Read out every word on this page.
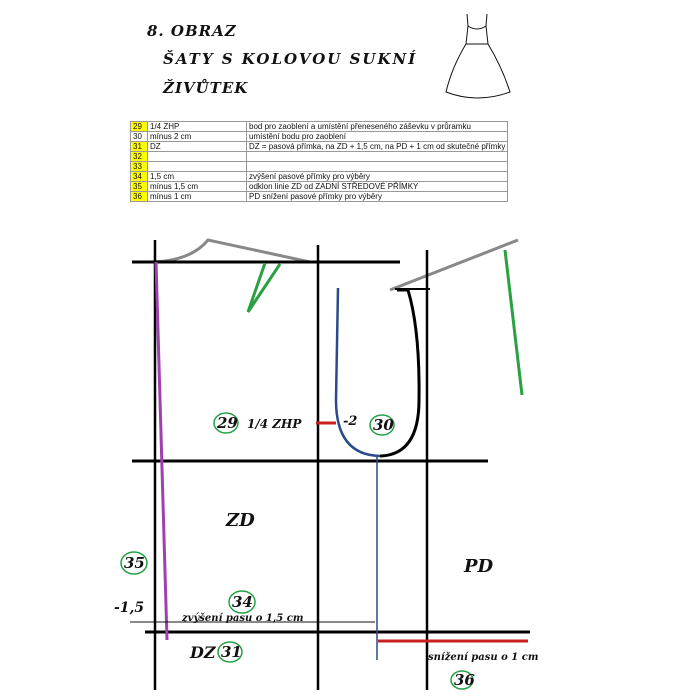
8. OBRAZ
ŠATY S KOLOVOU SUKNÍ
ŽIVŮTEK
29	1/4 ZHP	bod pro zaoblení a umístění přeneseného záševku v průramku
30	mínus 2 cm	umístění bodu pro zaoblení
31	DZ	DZ = pasová přímka, na ZD + 1,5 cm, na PD + 1 cm od skutečné přímky
32		
33		
34	1,5 cm	zvýšení pasové přímky pro výběry
35	mínus 1,5 cm	odklon linie ZD od ZADNÍ STŘEDOVÉ PŘÍMKY
36	mínus 1 cm	PD snížení pasové přímky pro výběry
1/4 ZHP	-2
ZD
PD
-1,5
zvýšení pasu o 1,5 cm
snížení pasu o 1 cm
DZ
29	30
35
34
31
36
